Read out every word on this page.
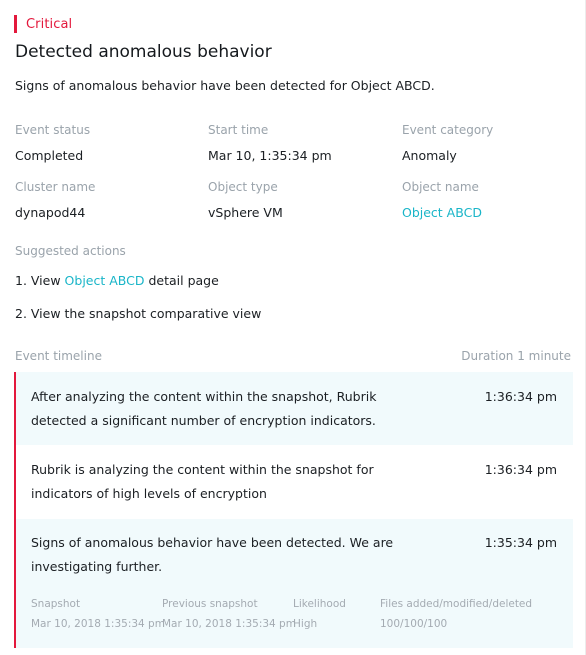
Critical
Detected anomalous behavior
Signs of anomalous behavior have been detected for Object ABCD.
Event status
Completed
Start time
Mar 10, 1:35:34 pm
Event category
Anomaly
Cluster name
dynapod44
Object type
vSphere VM
Object name
Object ABCD
Suggested actions
1. View Object ABCD detail page
2. View the snapshot comparative view
Event timeline	Duration 1 minute
After analyzing the content within the snapshot, Rubrik detected a significant number of encryption indicators.
1:36:34 pm
Rubrik is analyzing the content within the snapshot for indicators of high levels of encryption
1:36:34 pm
Signs of anomalous behavior have been detected. We are investigating further.
1:35:34 pm
Snapshot
Mar 10, 2018 1:35:34 pm
Previous snapshot
Mar 10, 2018 1:35:34 pm
Likelihood
High
Files added/modified/deleted
100/100/100
